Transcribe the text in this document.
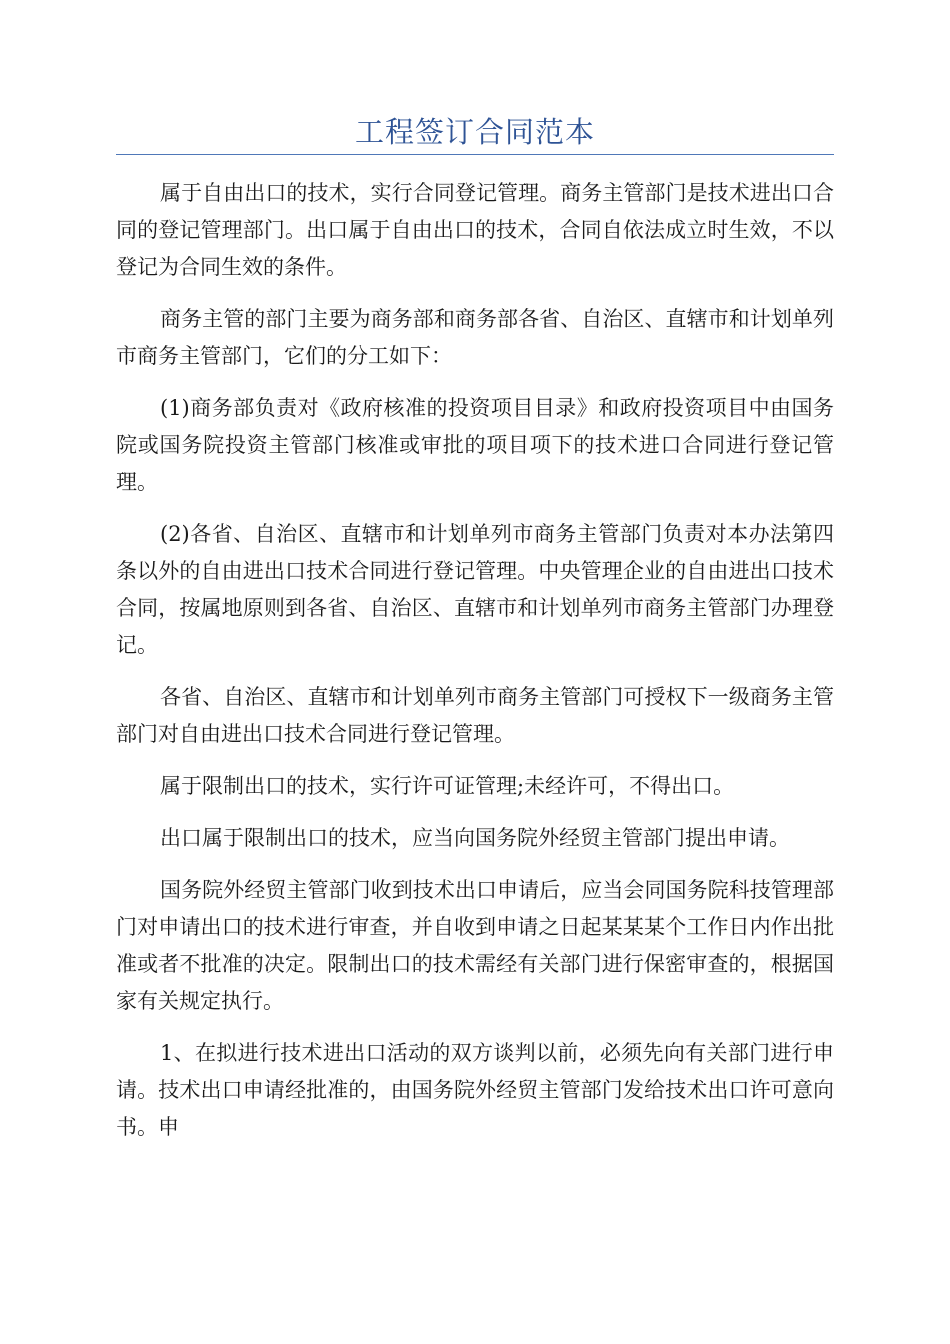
工程签订合同范本

属于自由出口的技术，实行合同登记管理。商务主管部门是技术进出口合同的登记管理部门。出口属于自由出口的技术，合同自依法成立时生效，不以登记为合同生效的条件。

商务主管的部门主要为商务部和商务部各省、自治区、直辖市和计划单列市商务主管部门，它们的分工如下：

(1)商务部负责对《政府核准的投资项目目录》和政府投资项目中由国务院或国务院投资主管部门核准或审批的项目项下的技术进口合同进行登记管理。

(2)各省、自治区、直辖市和计划单列市商务主管部门负责对本办法第四条以外的自由进出口技术合同进行登记管理。中央管理企业的自由进出口技术合同，按属地原则到各省、自治区、直辖市和计划单列市商务主管部门办理登记。

各省、自治区、直辖市和计划单列市商务主管部门可授权下一级商务主管部门对自由进出口技术合同进行登记管理。

属于限制出口的技术，实行许可证管理;未经许可，不得出口。

出口属于限制出口的技术，应当向国务院外经贸主管部门提出申请。

国务院外经贸主管部门收到技术出口申请后，应当会同国务院科技管理部门对申请出口的技术进行审查，并自收到申请之日起某某某个工作日内作出批准或者不批准的决定。限制出口的技术需经有关部门进行保密审查的，根据国家有关规定执行。

1、在拟进行技术进出口活动的双方谈判以前，必须先向有关部门进行申请。技术出口申请经批准的，由国务院外经贸主管部门发给技术出口许可意向书。申
